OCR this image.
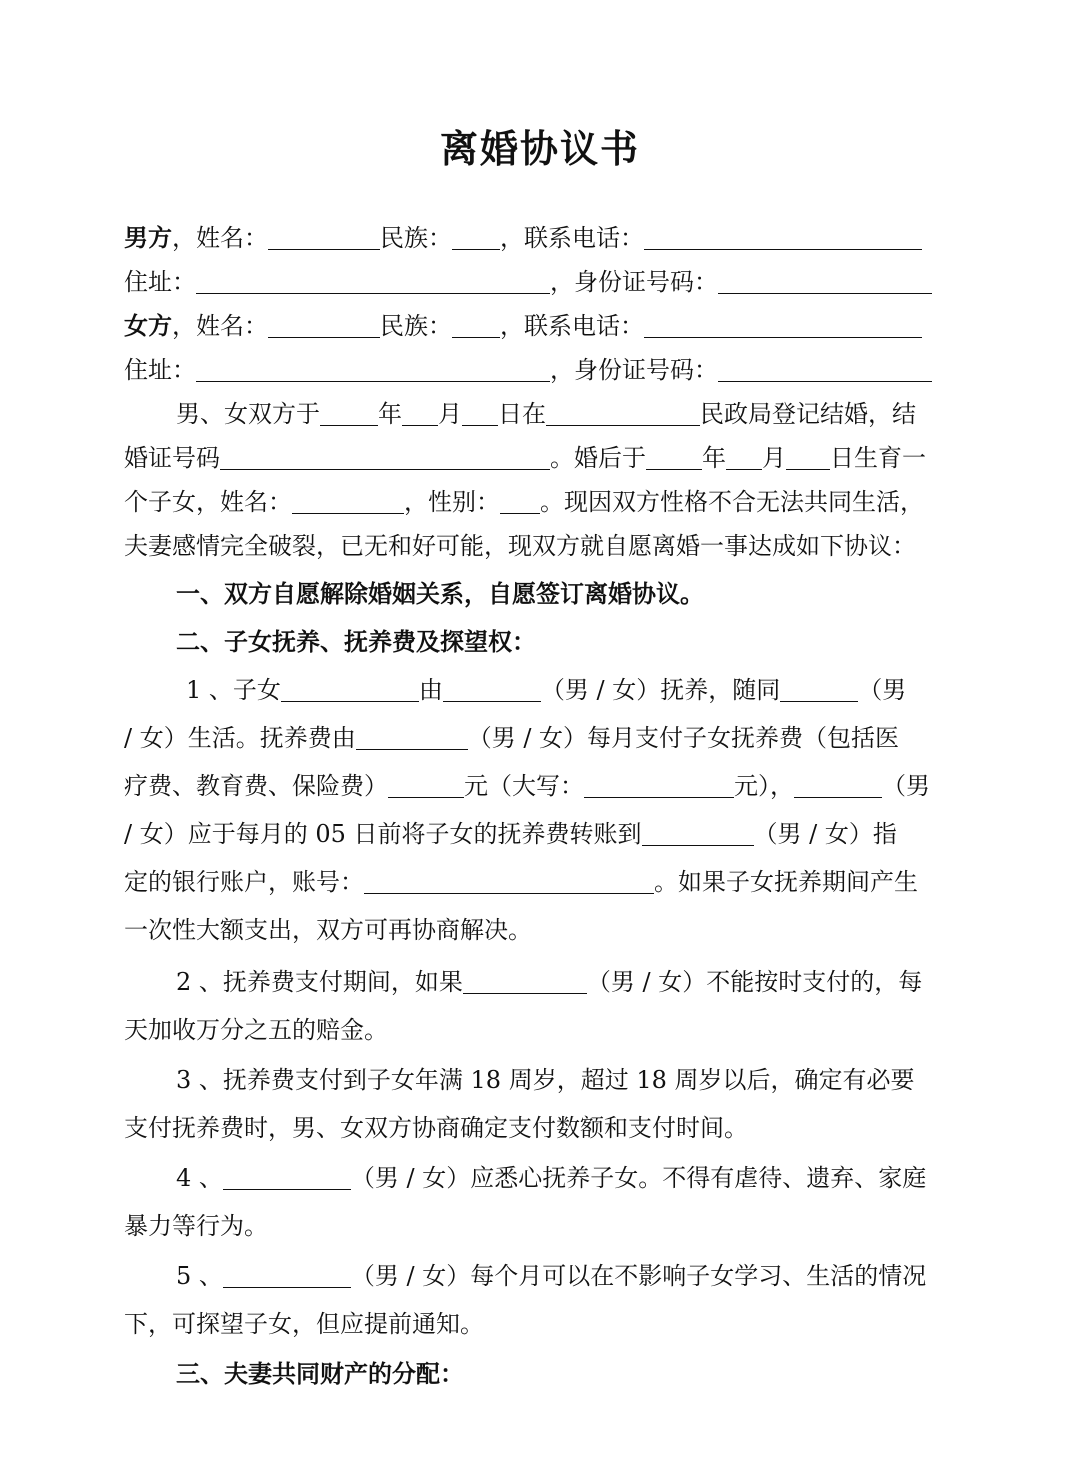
离婚协议书
男方，姓名：	民族： ，联系电话：
住址：	，身份证号码：
女方，姓名：	民族： ，联系电话：
住址：	，身份证号码：
男、女双方于 年 月 日在	民政局登记结婚，结
婚证号码	。婚后于 年 月 日生育一
个子女，姓名：	，性别： 。现因双方性格不合无法共同生活，
夫妻感情完全破裂，已无和好可能，现双方就自愿离婚一事达成如下协议：
一、双方自愿解除婚姻关系，自愿签订离婚协议。
二、子女抚养、抚养费及探望权：
1 、子女	由	（男 / 女）抚养，随同	（男
/ 女）生活。抚养费由	（男 / 女）每月支付子女抚养费（包括医
疗费、教育费、保险费）	元（大写：	元），	（男
/ 女）应于每月的 05 日前将子女的抚养费转账到	（男 / 女）指
定的银行账户，账号：	。如果子女抚养期间产生
一次性大额支出，双方可再协商解决。
2 、抚养费支付期间，如果	（男 / 女）不能按时支付的，每
天加收万分之五的赔金。
3 、抚养费支付到子女年满 18 周岁，超过 18 周岁以后，确定有必要
支付抚养费时，男、女双方协商确定支付数额和支付时间。
4 、	（男 / 女）应悉心抚养子女。不得有虐待、遗弃、家庭
暴力等行为。
5 、	（男 / 女）每个月可以在不影响子女学习、生活的情况
下，可探望子女，但应提前通知。
三、夫妻共同财产的分配：
